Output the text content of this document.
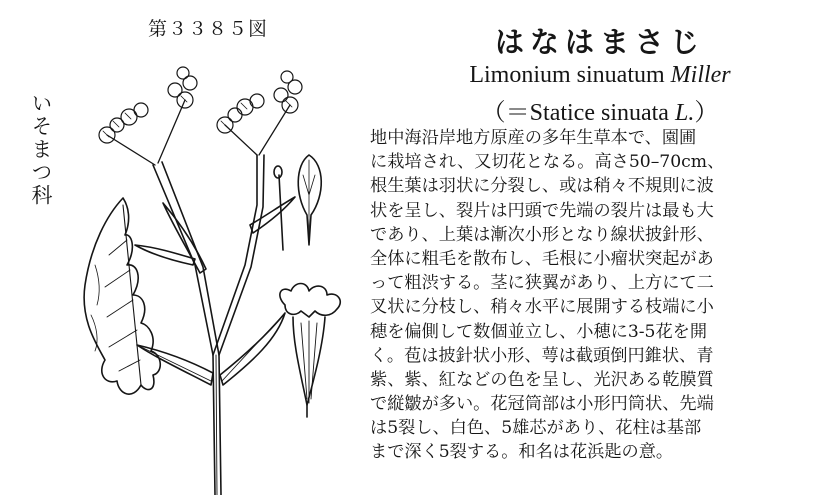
第３３８５図
いそまつ科
はなはまさじ
Limonium sinuatum Miller
（＝Statice sinuata L.）
地中海沿岸地方原産の多年生草本で、園圃
に栽培され、又切花となる。高さ50–70cm、
根生葉は羽状に分裂し、或は稍々不規則に波
状を呈し、裂片は円頭で先端の裂片は最も大
であり、上葉は漸次小形となり線状披針形、
全体に粗毛を散布し、毛根に小瘤状突起があ
って粗渋する。茎に狭翼があり、上方にて二
叉状に分枝し、稍々水平に展開する枝端に小
穂を偏側して数個並立し、小穂に3-5花を開
く。苞は披針状小形、萼は截頭倒円錐状、青
紫、紫、紅などの色を呈し、光沢ある乾膜質
で縦皺が多い。花冠筒部は小形円筒状、先端
は5裂し、白色、5雄芯があり、花柱は基部
まで深く5裂する。和名は花浜匙の意。
